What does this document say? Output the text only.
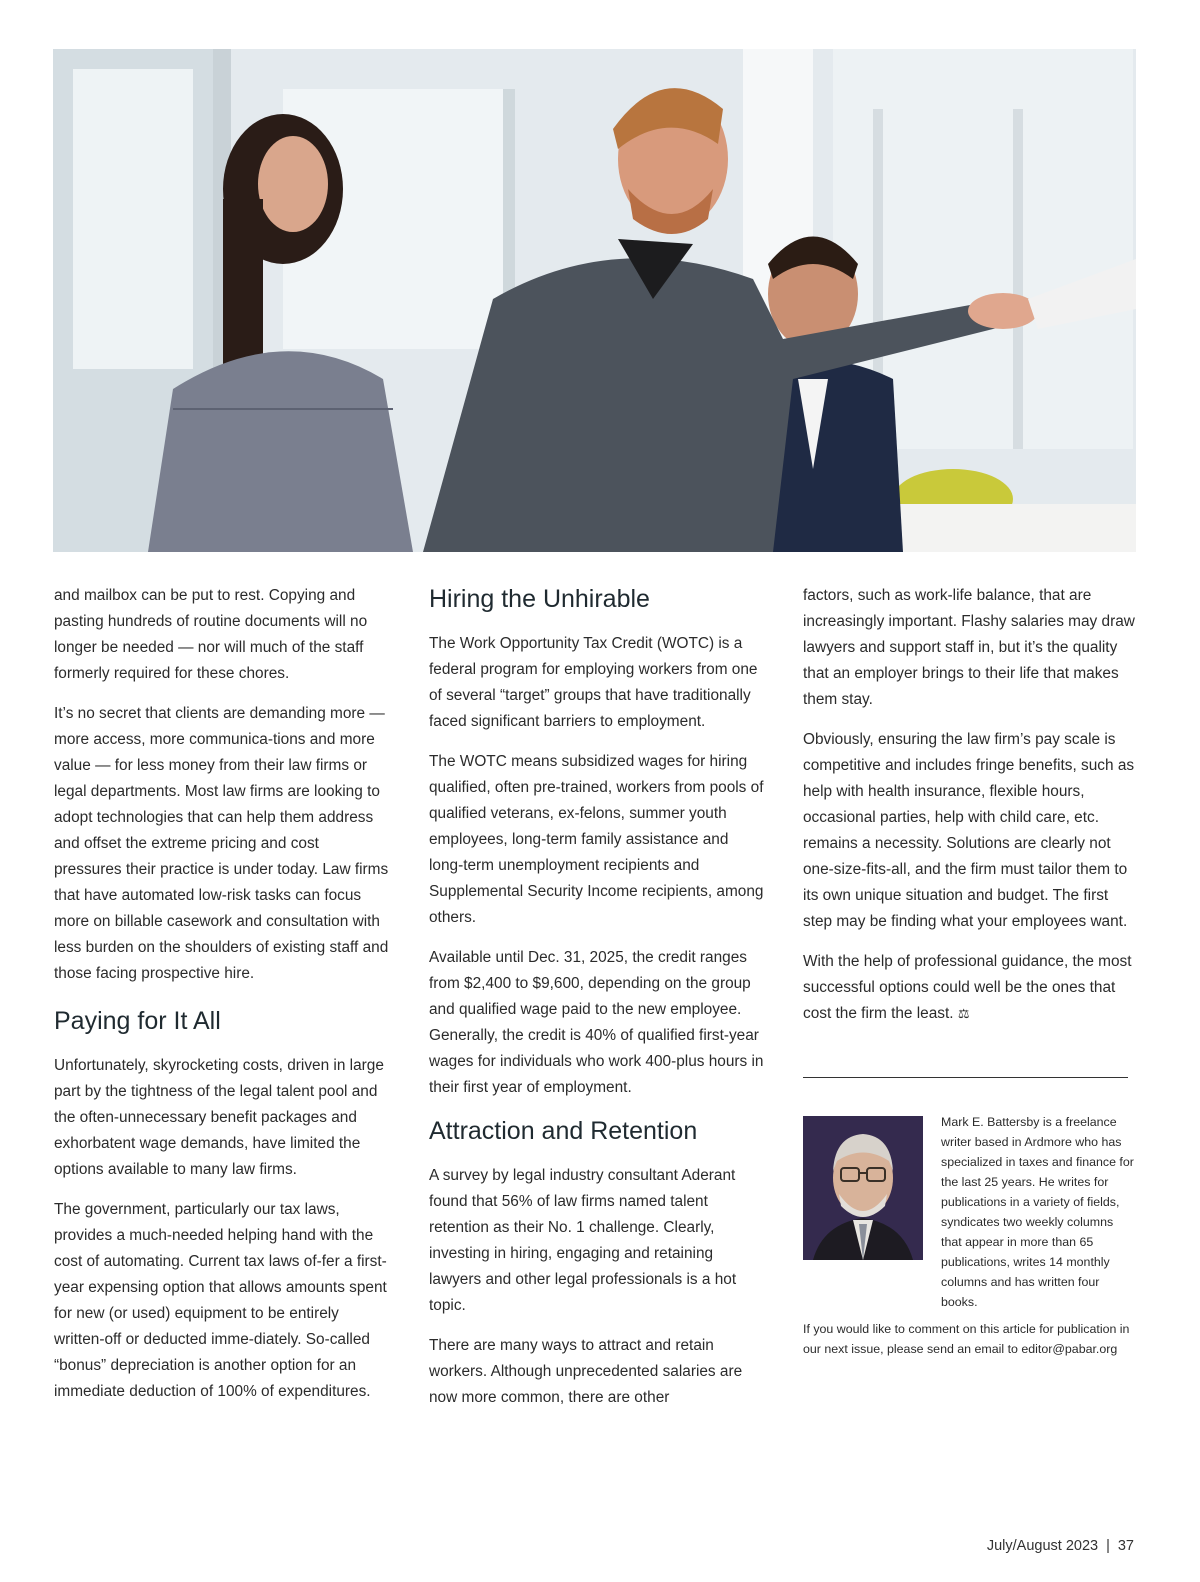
and mailbox can be put to rest. Copying and pasting hundreds of routine documents will no longer be needed — nor will much of the staff formerly required for these chores.

It’s no secret that clients are demanding more — more access, more communica-tions and more value — for less money from their law firms or legal departments. Most law firms are looking to adopt technologies that can help them address and offset the extreme pricing and cost pressures their practice is under today. Law firms that have automated low-risk tasks can focus more on billable casework and consultation with less burden on the shoulders of existing staff and those facing prospective hire.

Paying for It All

Unfortunately, skyrocketing costs, driven in large part by the tightness of the legal talent pool and the often-unnecessary benefit packages and exhorbatent wage demands, have limited the options available to many law firms.

The government, particularly our tax laws, provides a much-needed helping hand with the cost of automating. Current tax laws of-fer a first-year expensing option that allows amounts spent for new (or used) equipment to be entirely written-off or deducted imme-diately. So-called “bonus” depreciation is another option for an immediate deduction of 100% of expenditures.

Hiring the Unhirable

The Work Opportunity Tax Credit (WOTC) is a federal program for employing workers from one of several “target” groups that have traditionally faced significant barriers to employment.

The WOTC means subsidized wages for hiring qualified, often pre-trained, workers from pools of qualified veterans, ex-felons, summer youth employees, long-term family assistance and long-term unemployment recipients and Supplemental Security Income recipients, among others.

Available until Dec. 31, 2025, the credit ranges from $2,400 to $9,600, depending on the group and qualified wage paid to the new employee. Generally, the credit is 40% of qualified first-year wages for individuals who work 400-plus hours in their first year of employment.

Attraction and Retention

A survey by legal industry consultant Aderant found that 56% of law firms named talent retention as their No. 1 challenge. Clearly, investing in hiring, engaging and retaining lawyers and other legal professionals is a hot topic.

There are many ways to attract and retain workers. Although unprecedented salaries are now more common, there are other

factors, such as work-life balance, that are increasingly important. Flashy salaries may draw lawyers and support staff in, but it’s the quality that an employer brings to their life that makes them stay.

Obviously, ensuring the law firm’s pay scale is competitive and includes fringe benefits, such as help with health insurance, flexible hours, occasional parties, help with child care, etc. remains a necessity. Solutions are clearly not one-size-fits-all, and the firm must tailor them to its own unique situation and budget. The first step may be finding what your employees want.

With the help of professional guidance, the most successful options could well be the ones that cost the firm the least. ⚖

Mark E. Battersby is a freelance writer based in Ardmore who has specialized in taxes and finance for the last 25 years. He writes for publications in a variety of fields, syndicates two weekly columns that appear in more than 65 publications, writes 14 monthly columns and has written four books.

If you would like to comment on this article for publication in our next issue, please send an email to editor@pabar.org

July/August 2023 | 37
